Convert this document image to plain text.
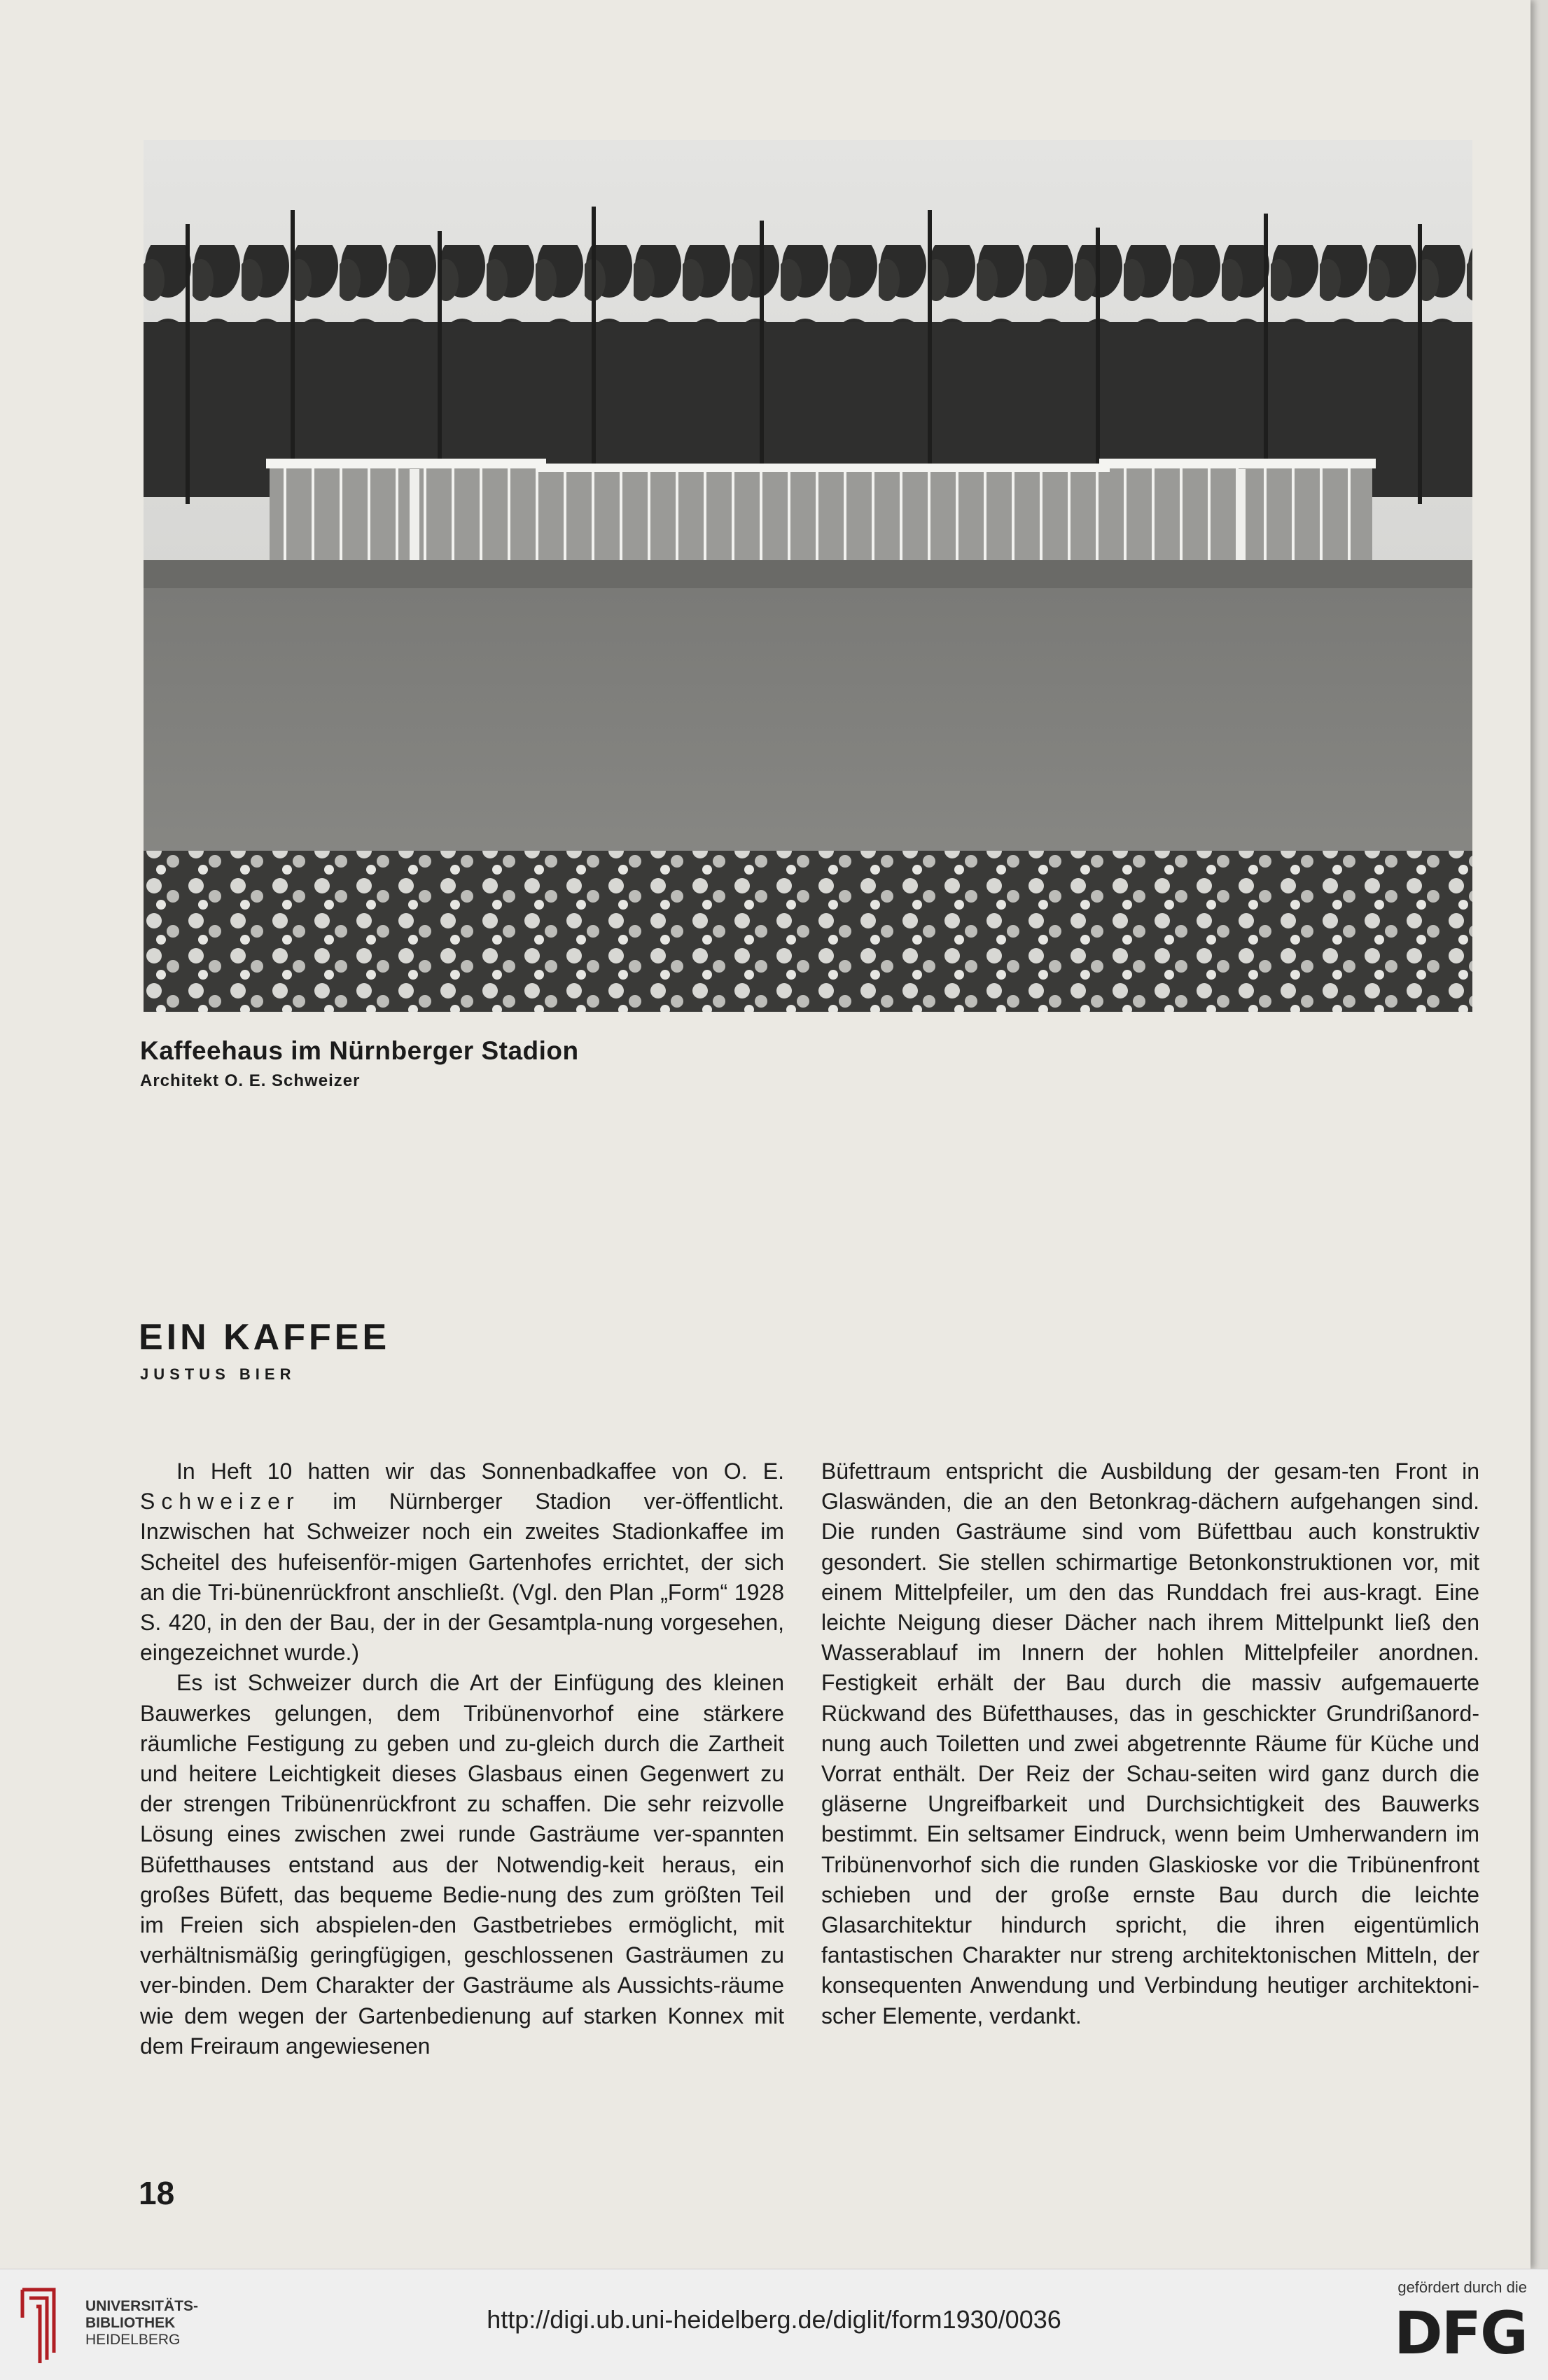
Kaffeehaus im Nürnberger Stadion
Architekt O. E. Schweizer
EIN KAFFEE
JUSTUS BIER

In Heft 10 hatten wir das Sonnenbadkaffee von O. E. Schweizer im Nürnberger Stadion ver-öffentlicht. Inzwischen hat Schweizer noch ein zweites Stadionkaffee im Scheitel des hufeisenför-migen Gartenhofes errichtet, der sich an die Tri-bünenrückfront anschließt. (Vgl. den Plan „Form“ 1928 S. 420, in den der Bau, der in der Gesamtpla-nung vorgesehen, eingezeichnet wurde.)

Es ist Schweizer durch die Art der Einfügung des kleinen Bauwerkes gelungen, dem Tribünenvorhof eine stärkere räumliche Festigung zu geben und zu-gleich durch die Zartheit und heitere Leichtigkeit dieses Glasbaus einen Gegenwert zu der strengen Tribünenrückfront zu schaffen. Die sehr reizvolle Lösung eines zwischen zwei runde Gasträume ver-spannten Büfetthauses entstand aus der Notwendig-keit heraus, ein großes Büfett, das bequeme Bedie-nung des zum größten Teil im Freien sich abspielen-den Gastbetriebes ermöglicht, mit verhältnismäßig geringfügigen, geschlossenen Gasträumen zu ver-binden. Dem Charakter der Gasträume als Aussichts-räume wie dem wegen der Gartenbedienung auf starken Konnex mit dem Freiraum angewiesenen

Büfettraum entspricht die Ausbildung der gesam-ten Front in Glaswänden, die an den Betonkrag-dächern aufgehangen sind. Die runden Gasträume sind vom Büfettbau auch konstruktiv gesondert. Sie stellen schirmartige Betonkonstruktionen vor, mit einem Mittelpfeiler, um den das Runddach frei aus-kragt. Eine leichte Neigung dieser Dächer nach ihrem Mittelpunkt ließ den Wasserablauf im Innern der hohlen Mittelpfeiler anordnen. Festigkeit erhält der Bau durch die massiv aufgemauerte Rückwand des Büfetthauses, das in geschickter Grundrißanord-nung auch Toiletten und zwei abgetrennte Räume für Küche und Vorrat enthält. Der Reiz der Schau-seiten wird ganz durch die gläserne Ungreifbarkeit und Durchsichtigkeit des Bauwerks bestimmt. Ein seltsamer Eindruck, wenn beim Umherwandern im Tribünenvorhof sich die runden Glaskioske vor die Tribünenfront schieben und der große ernste Bau durch die leichte Glasarchitektur hindurch spricht, die ihren eigentümlich fantastischen Charakter nur streng architektonischen Mitteln, der konsequenten Anwendung und Verbindung heutiger architektoni-scher Elemente, verdankt.

18
UNIVERSITÄTS-
BIBLIOTHEK
HEIDELBERG
http://digi.ub.uni-heidelberg.de/diglit/form1930/0036
gefördert durch die
DFG
